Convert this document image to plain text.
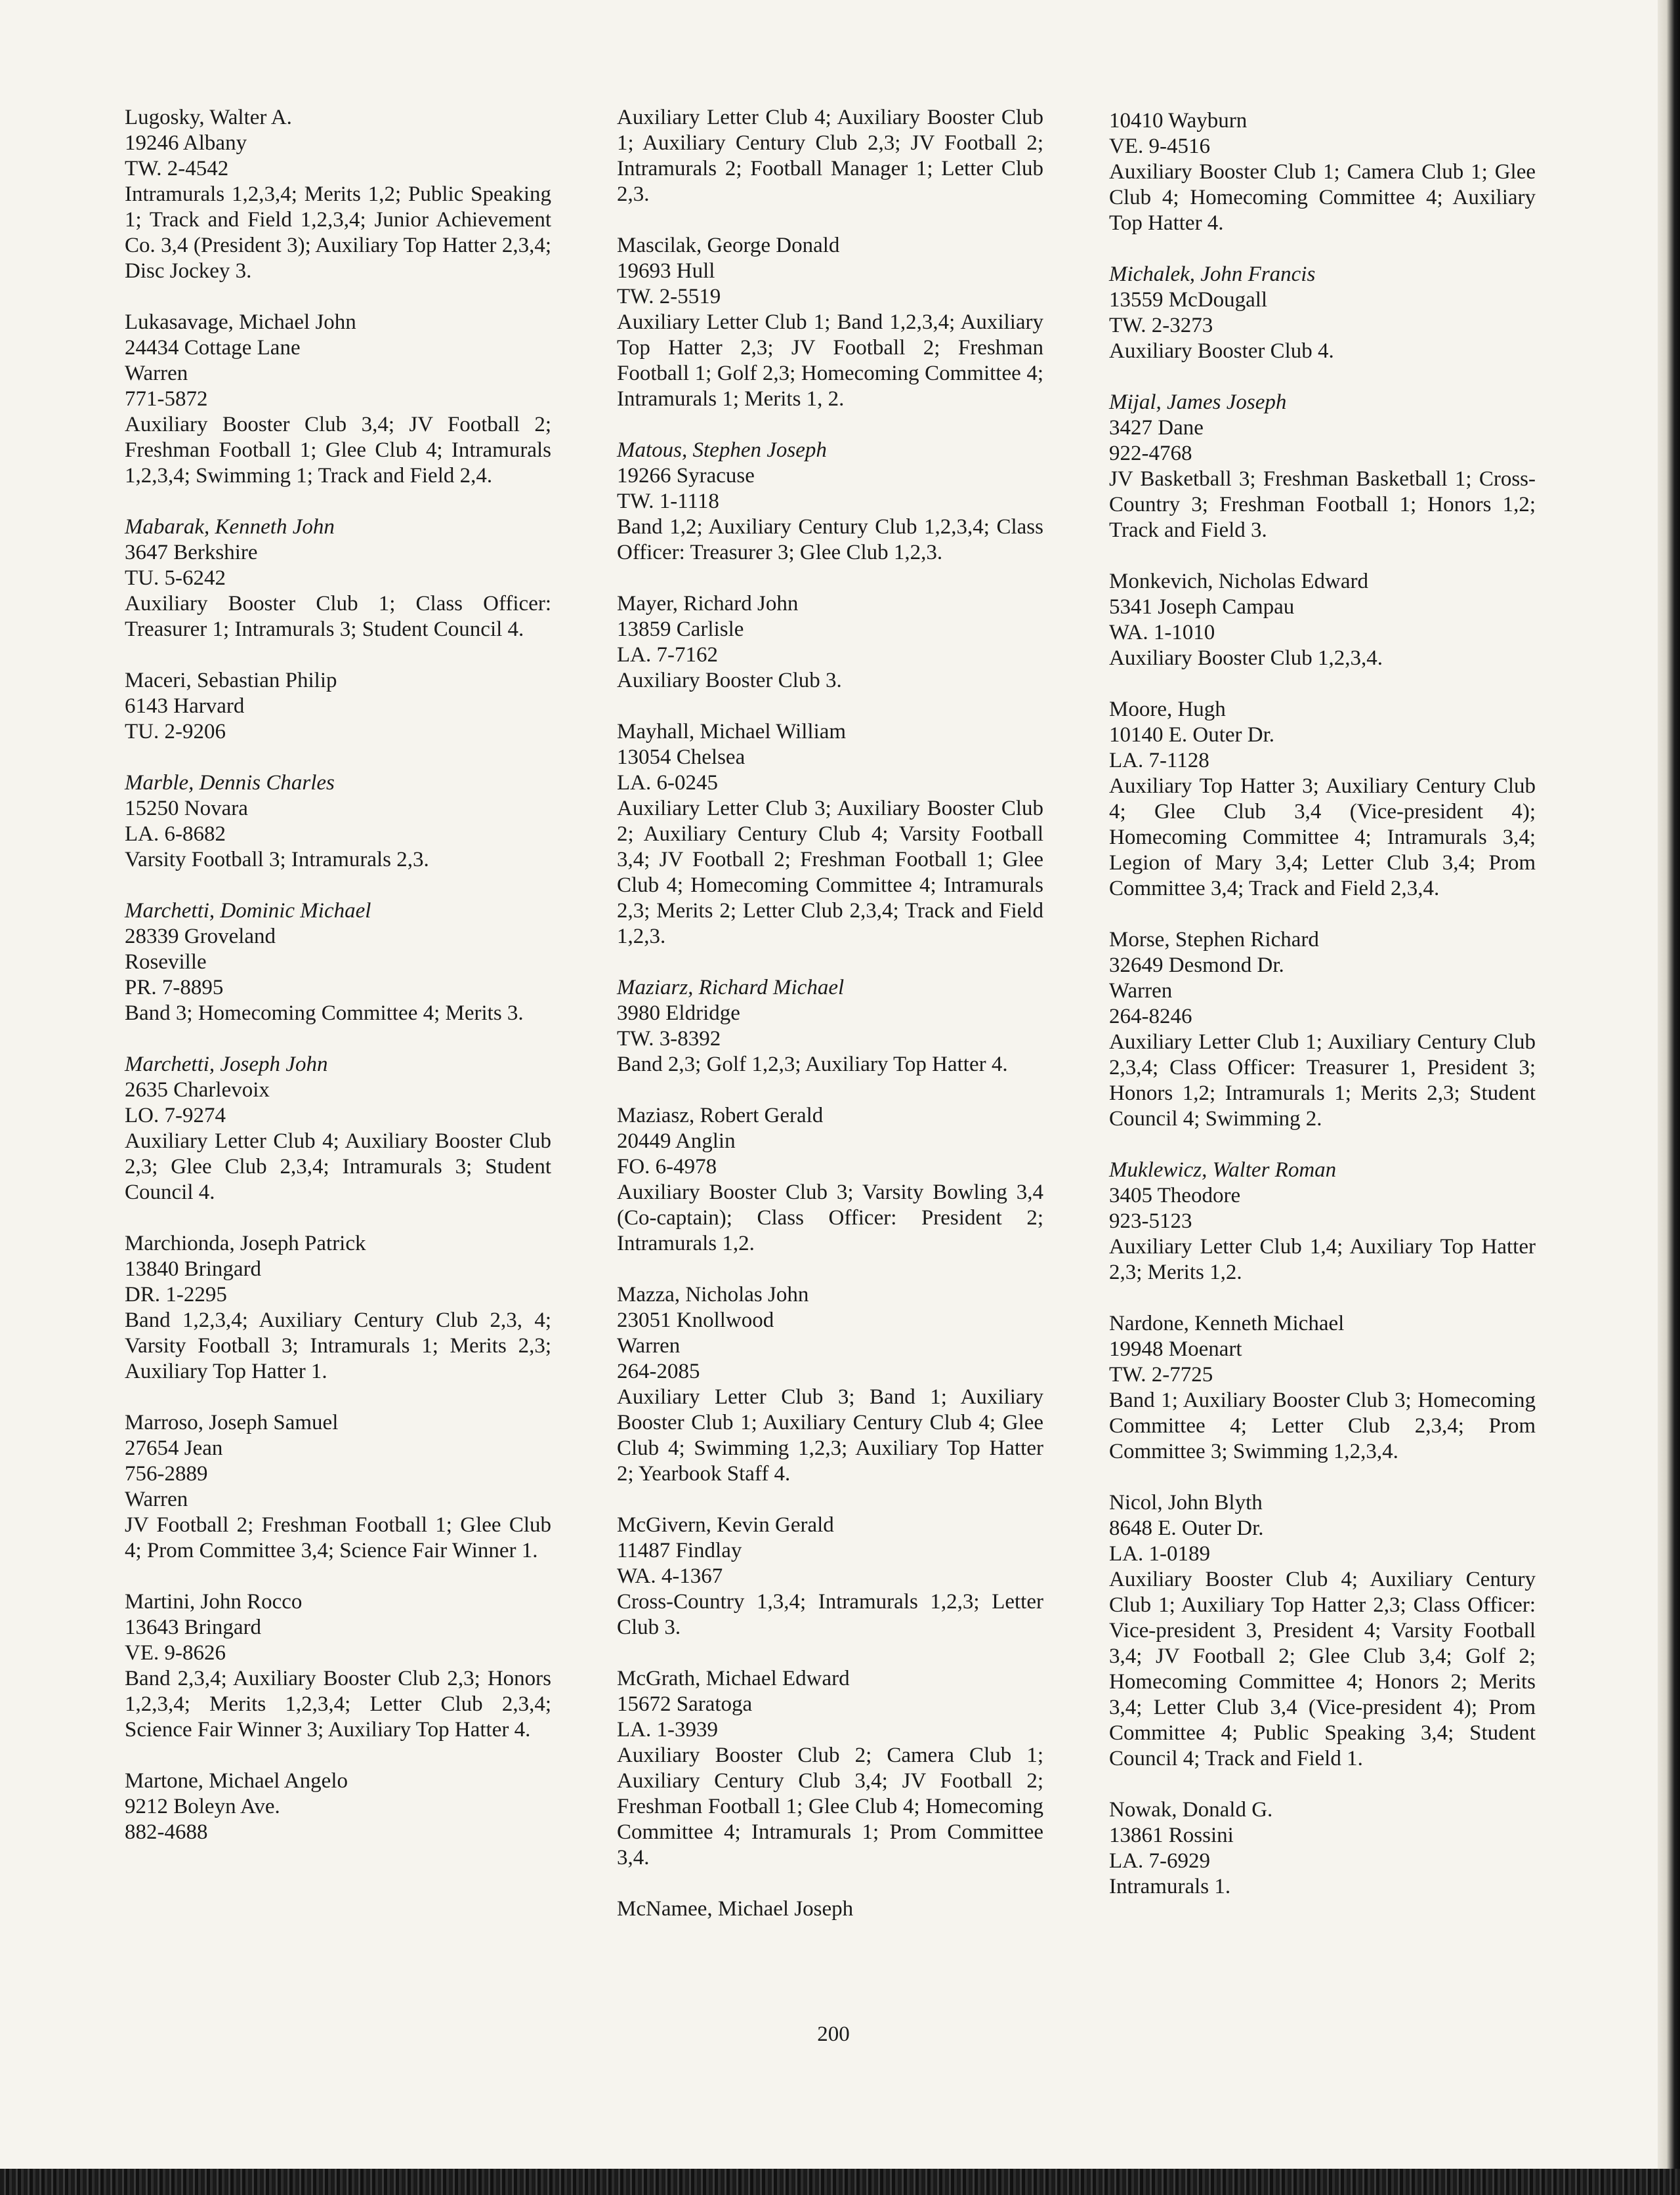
Lugosky, Walter A.
19246 Albany
TW. 2-4542
Intramurals 1,2,3,4; Merits 1,2; Public Speaking 1; Track and Field 1,2,3,4; Junior Achievement Co. 3,4 (President 3); Auxiliary Top Hatter 2,3,4; Disc Jockey 3.
Lukasavage, Michael John
24434 Cottage Lane
Warren
771-5872
Auxiliary Booster Club 3,4; JV Football 2; Freshman Football 1; Glee Club 4; Intramurals 1,2,3,4; Swimming 1; Track and Field 2,4.
Mabarak, Kenneth John
3647 Berkshire
TU. 5-6242
Auxiliary Booster Club 1; Class Officer: Treasurer 1; Intramurals 3; Student Council 4.
Maceri, Sebastian Philip
6143 Harvard
TU. 2-9206
Marble, Dennis Charles
15250 Novara
LA. 6-8682
Varsity Football 3; Intramurals 2,3.
Marchetti, Dominic Michael
28339 Groveland
Roseville
PR. 7-8895
Band 3; Homecoming Committee 4; Merits 3.
Marchetti, Joseph John
2635 Charlevoix
LO. 7-9274
Auxiliary Letter Club 4; Auxiliary Booster Club 2,3; Glee Club 2,3,4; Intramurals 3; Student Council 4.
Marchionda, Joseph Patrick
13840 Bringard
DR. 1-2295
Band 1,2,3,4; Auxiliary Century Club 2,3, 4; Varsity Football 3; Intramurals 1; Merits 2,3; Auxiliary Top Hatter 1.
Marroso, Joseph Samuel
27654 Jean
756-2889
Warren
JV Football 2; Freshman Football 1; Glee Club 4; Prom Committee 3,4; Science Fair Winner 1.
Martini, John Rocco
13643 Bringard
VE. 9-8626
Band 2,3,4; Auxiliary Booster Club 2,3; Honors 1,2,3,4; Merits 1,2,3,4; Letter Club 2,3,4; Science Fair Winner 3; Auxiliary Top Hatter 4.
Martone, Michael Angelo
9212 Boleyn Ave.
882-4688
Auxiliary Letter Club 4; Auxiliary Booster Club 1; Auxiliary Century Club 2,3; JV Football 2; Intramurals 2; Football Manager 1; Letter Club 2,3.
Mascilak, George Donald
19693 Hull
TW. 2-5519
Auxiliary Letter Club 1; Band 1,2,3,4; Auxiliary Top Hatter 2,3; JV Football 2; Freshman Football 1; Golf 2,3; Homecoming Committee 4; Intramurals 1; Merits 1, 2.
Matous, Stephen Joseph
19266 Syracuse
TW. 1-1118
Band 1,2; Auxiliary Century Club 1,2,3,4; Class Officer: Treasurer 3; Glee Club 1,2,3.
Mayer, Richard John
13859 Carlisle
LA. 7-7162
Auxiliary Booster Club 3.
Mayhall, Michael William
13054 Chelsea
LA. 6-0245
Auxiliary Letter Club 3; Auxiliary Booster Club 2; Auxiliary Century Club 4; Varsity Football 3,4; JV Football 2; Freshman Football 1; Glee Club 4; Homecoming Committee 4; Intramurals 2,3; Merits 2; Letter Club 2,3,4; Track and Field 1,2,3.
Maziarz, Richard Michael
3980 Eldridge
TW. 3-8392
Band 2,3; Golf 1,2,3; Auxiliary Top Hatter 4.
Maziasz, Robert Gerald
20449 Anglin
FO. 6-4978
Auxiliary Booster Club 3; Varsity Bowling 3,4 (Co-captain); Class Officer: President 2; Intramurals 1,2.
Mazza, Nicholas John
23051 Knollwood
Warren
264-2085
Auxiliary Letter Club 3; Band 1; Auxiliary Booster Club 1; Auxiliary Century Club 4; Glee Club 4; Swimming 1,2,3; Auxiliary Top Hatter 2; Yearbook Staff 4.
McGivern, Kevin Gerald
11487 Findlay
WA. 4-1367
Cross-Country 1,3,4; Intramurals 1,2,3; Letter Club 3.
McGrath, Michael Edward
15672 Saratoga
LA. 1-3939
Auxiliary Booster Club 2; Camera Club 1; Auxiliary Century Club 3,4; JV Football 2; Freshman Football 1; Glee Club 4; Homecoming Committee 4; Intramurals 1; Prom Committee 3,4.
McNamee, Michael Joseph
10410 Wayburn
VE. 9-4516
Auxiliary Booster Club 1; Camera Club 1; Glee Club 4; Homecoming Committee 4; Auxiliary Top Hatter 4.
Michalek, John Francis
13559 McDougall
TW. 2-3273
Auxiliary Booster Club 4.
Mijal, James Joseph
3427 Dane
922-4768
JV Basketball 3; Freshman Basketball 1; Cross-Country 3; Freshman Football 1; Honors 1,2; Track and Field 3.
Monkevich, Nicholas Edward
5341 Joseph Campau
WA. 1-1010
Auxiliary Booster Club 1,2,3,4.
Moore, Hugh
10140 E. Outer Dr.
LA. 7-1128
Auxiliary Top Hatter 3; Auxiliary Century Club 4; Glee Club 3,4 (Vice-president 4); Homecoming Committee 4; Intramurals 3,4; Legion of Mary 3,4; Letter Club 3,4; Prom Committee 3,4; Track and Field 2,3,4.
Morse, Stephen Richard
32649 Desmond Dr.
Warren
264-8246
Auxiliary Letter Club 1; Auxiliary Century Club 2,3,4; Class Officer: Treasurer 1, President 3; Honors 1,2; Intramurals 1; Merits 2,3; Student Council 4; Swimming 2.
Muklewicz, Walter Roman
3405 Theodore
923-5123
Auxiliary Letter Club 1,4; Auxiliary Top Hatter 2,3; Merits 1,2.
Nardone, Kenneth Michael
19948 Moenart
TW. 2-7725
Band 1; Auxiliary Booster Club 3; Homecoming Committee 4; Letter Club 2,3,4; Prom Committee 3; Swimming 1,2,3,4.
Nicol, John Blyth
8648 E. Outer Dr.
LA. 1-0189
Auxiliary Booster Club 4; Auxiliary Century Club 1; Auxiliary Top Hatter 2,3; Class Officer: Vice-president 3, President 4; Varsity Football 3,4; JV Football 2; Glee Club 3,4; Golf 2; Homecoming Committee 4; Honors 2; Merits 3,4; Letter Club 3,4 (Vice-president 4); Prom Committee 4; Public Speaking 3,4; Student Council 4; Track and Field 1.
Nowak, Donald G.
13861 Rossini
LA. 7-6929
Intramurals 1.
200
